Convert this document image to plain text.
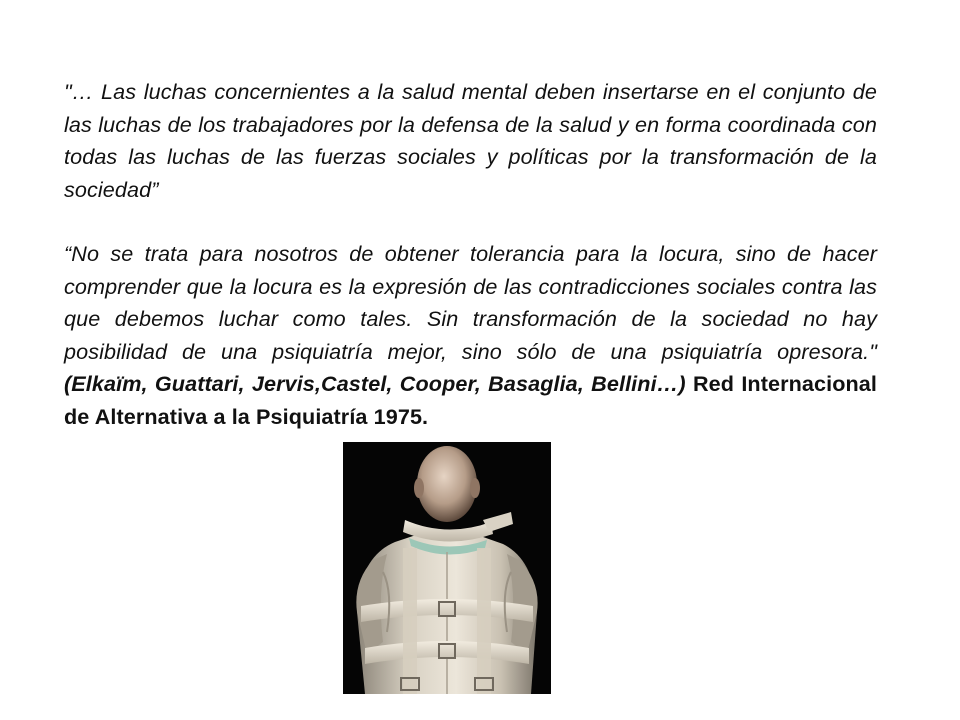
"… Las luchas concernientes a la salud mental deben insertarse en el conjunto de las luchas de los trabajadores por la defensa de la salud y en forma coordinada con todas las luchas de las fuerzas sociales y políticas por la transformación de la sociedad”

“No se trata para nosotros de obtener tolerancia para la locura, sino de hacer comprender que la locura es la expresión de las contradicciones sociales contra las que debemos luchar como tales. Sin transformación de la sociedad no hay posibilidad de una psiquiatría mejor, sino sólo de una psiquiatría opresora." (Elkaïm, Guattari, Jervis,Castel, Cooper, Basaglia, Bellini…) Red Internacional de Alternativa a la Psiquiatría 1975.
